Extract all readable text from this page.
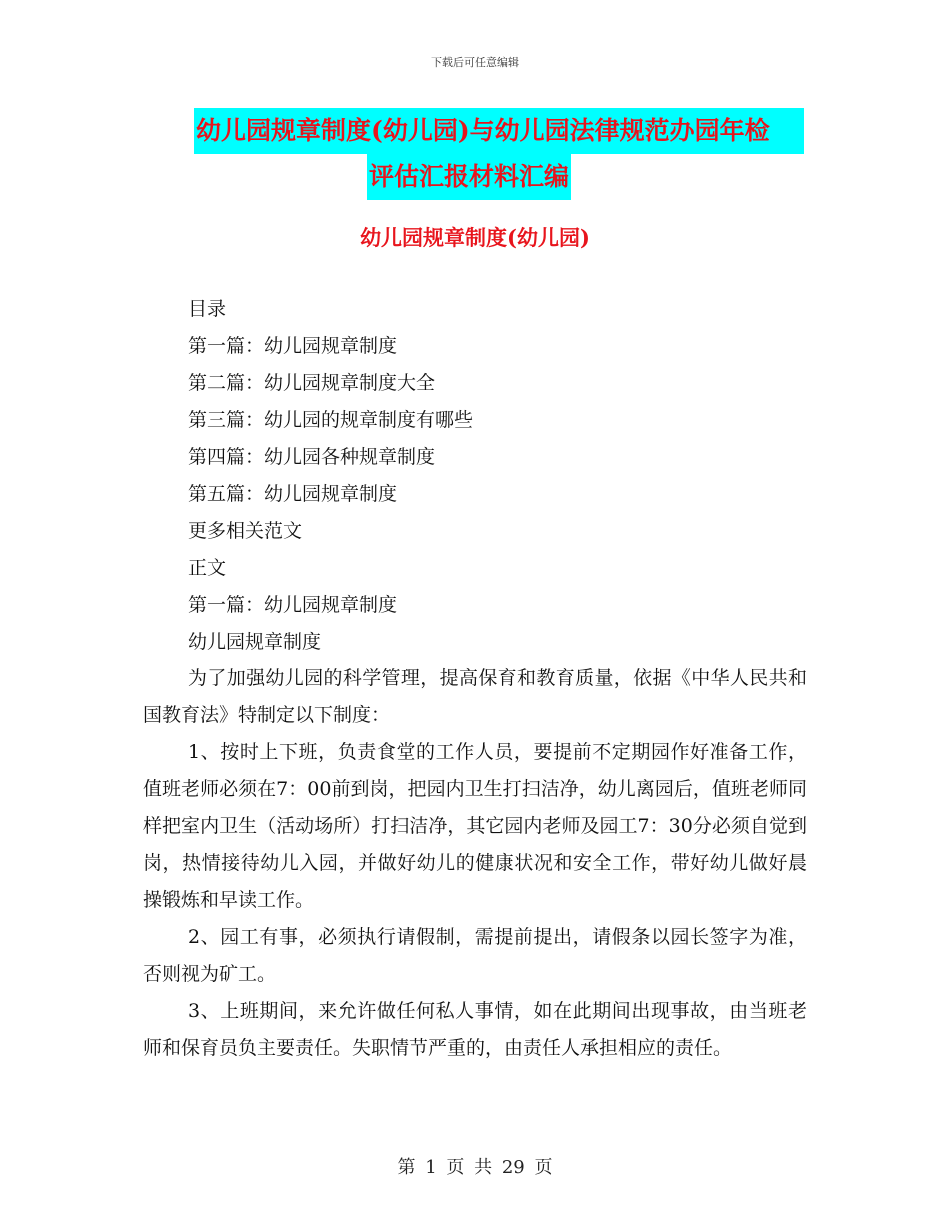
下载后可任意编辑
幼儿园规章制度(幼儿园)与幼儿园法律规范办园年检
评估汇报材料汇编
幼儿园规章制度(幼儿园)
目录
第一篇：幼儿园规章制度
第二篇：幼儿园规章制度大全
第三篇：幼儿园的规章制度有哪些
第四篇：幼儿园各种规章制度
第五篇：幼儿园规章制度
更多相关范文
正文
第一篇：幼儿园规章制度
幼儿园规章制度

为了加强幼儿园的科学管理，提高保育和教育质量，依据《中华人民共和国教育法》特制定以下制度：

1、按时上下班，负责食堂的工作人员，要提前不定期园作好准备工作，值班老师必须在7：00前到岗，把园内卫生打扫洁净，幼儿离园后，值班老师同样把室内卫生（活动场所）打扫洁净，其它园内老师及园工7：30分必须自觉到岗，热情接待幼儿入园，并做好幼儿的健康状况和安全工作，带好幼儿做好晨操锻炼和早读工作。

2、园工有事，必须执行请假制，需提前提出，请假条以园长签字为准，否则视为矿工。

3、上班期间，来允许做任何私人事情，如在此期间出现事故，由当班老师和保育员负主要责任。失职情节严重的，由责任人承担相应的责任。

第 1 页 共 29 页
